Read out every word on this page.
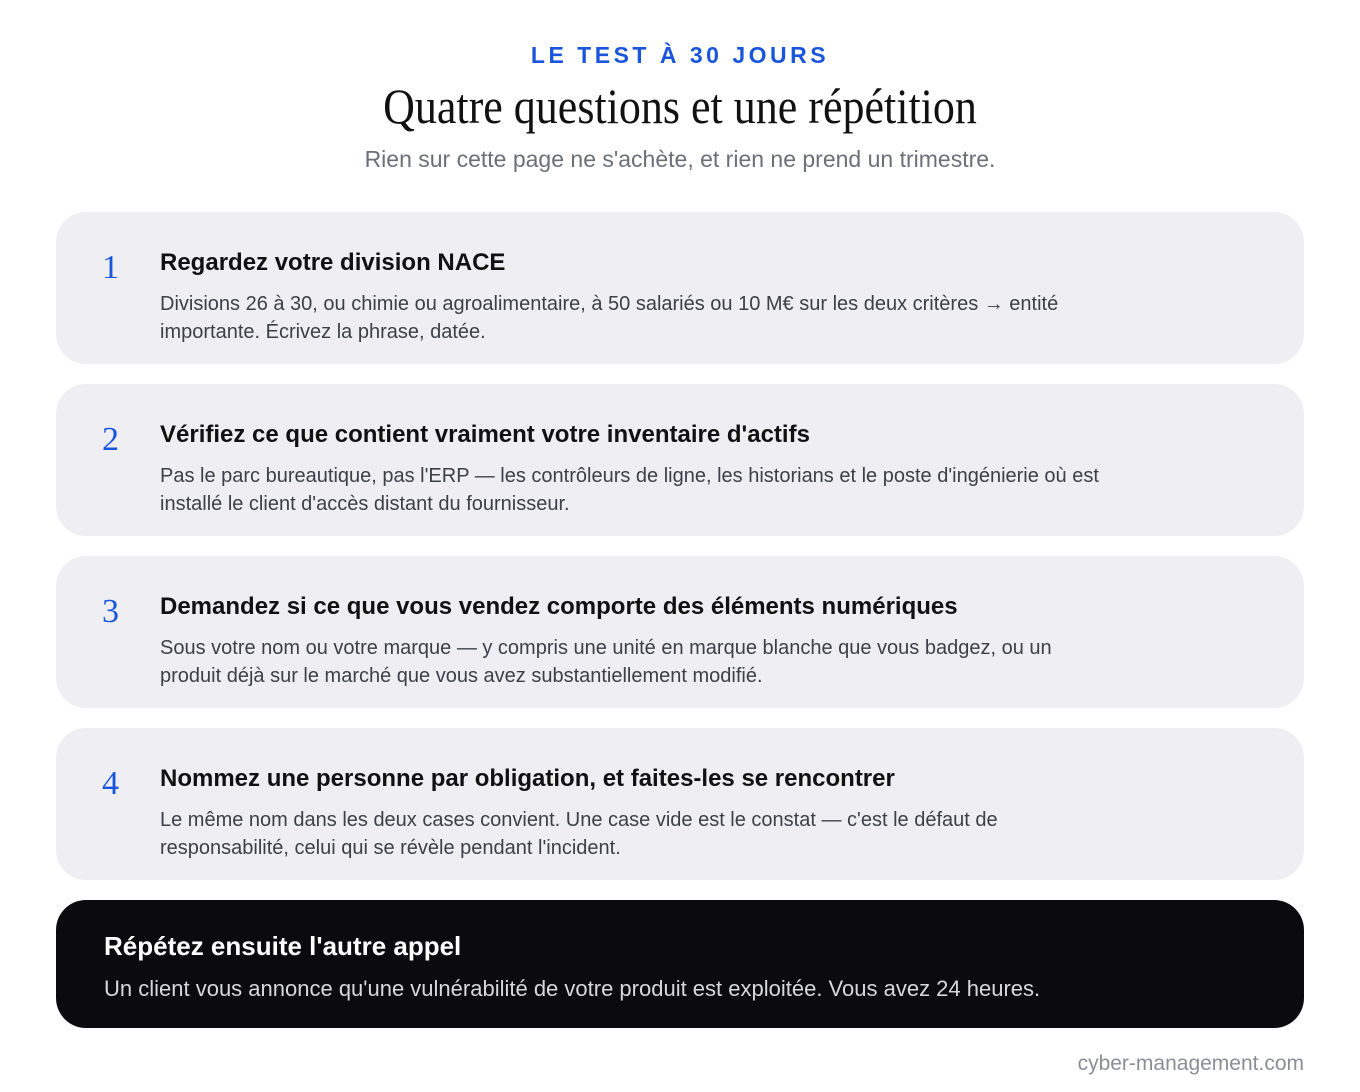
LE TEST À 30 JOURS
Quatre questions et une répétition
Rien sur cette page ne s'achète, et rien ne prend un trimestre.
1 Regardez votre division NACE
Divisions 26 à 30, ou chimie ou agroalimentaire, à 50 salariés ou 10 M€ sur les deux critères → entité importante. Écrivez la phrase, datée.
2 Vérifiez ce que contient vraiment votre inventaire d'actifs
Pas le parc bureautique, pas l'ERP — les contrôleurs de ligne, les historians et le poste d'ingénierie où est installé le client d'accès distant du fournisseur.
3 Demandez si ce que vous vendez comporte des éléments numériques
Sous votre nom ou votre marque — y compris une unité en marque blanche que vous badgez, ou un produit déjà sur le marché que vous avez substantiellement modifié.
4 Nommez une personne par obligation, et faites-les se rencontrer
Le même nom dans les deux cases convient. Une case vide est le constat — c'est le défaut de responsabilité, celui qui se révèle pendant l'incident.
Répétez ensuite l'autre appel
Un client vous annonce qu'une vulnérabilité de votre produit est exploitée. Vous avez 24 heures.
cyber-management.com
